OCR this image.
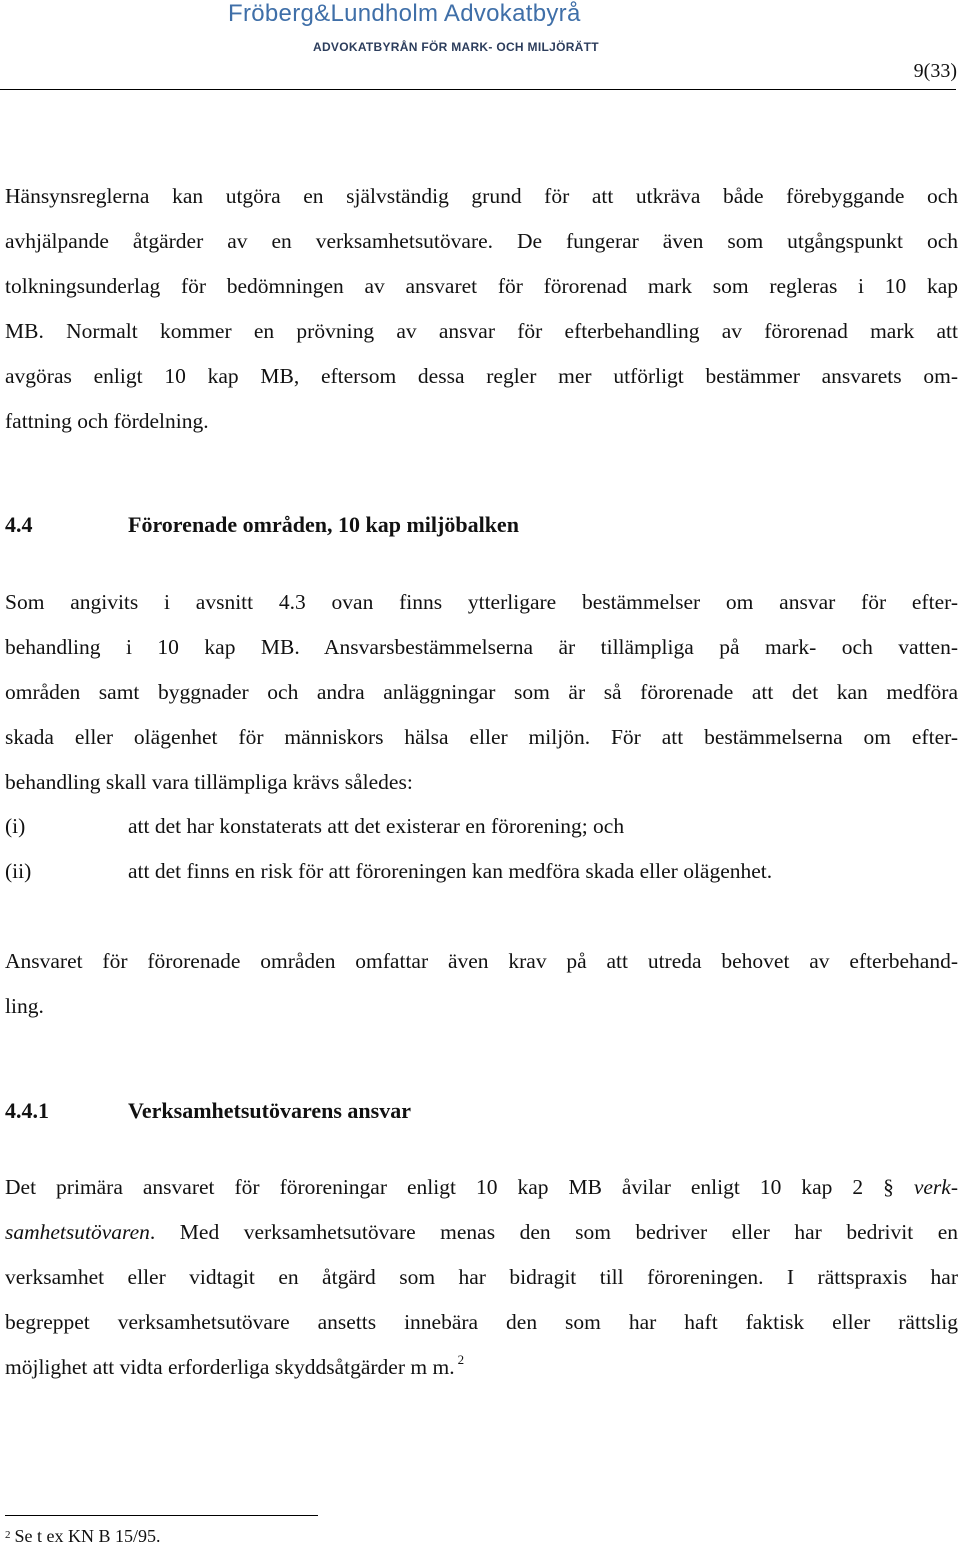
Fröberg&Lundholm Advokatbyrå
ADVOKATBYRÅN FÖR MARK- OCH MILJÖRÄTT
9(33)
Hänsynsreglerna kan utgöra en självständig grund för att utkräva både förebyggande och
avhjälpande åtgärder av en verksamhetsutövare. De fungerar även som utgångspunkt och
tolkningsunderlag för bedömningen av ansvaret för förorenad mark som regleras i 10 kap
MB. Normalt kommer en prövning av ansvar för efterbehandling av förorenad mark att
avgöras enligt 10 kap MB, eftersom dessa regler mer utförligt bestämmer ansvarets om-
fattning och fördelning.
4.4	Förorenade områden, 10 kap miljöbalken
Som angivits i avsnitt 4.3 ovan finns ytterligare bestämmelser om ansvar för efter-
behandling i 10 kap MB. Ansvarsbestämmelserna är tillämpliga på mark- och vatten-
områden samt byggnader och andra anläggningar som är så förorenade att det kan medföra
skada eller olägenhet för människors hälsa eller miljön. För att bestämmelserna om efter-
behandling skall vara tillämpliga krävs således:
(i)	att det har konstaterats att det existerar en förorening; och
(ii)	att det finns en risk för att föroreningen kan medföra skada eller olägenhet.
Ansvaret för förorenade områden omfattar även krav på att utreda behovet av efterbehand-
ling.
4.4.1	Verksamhetsutövarens ansvar
Det primära ansvaret för föroreningar enligt 10 kap MB åvilar enligt 10 kap 2 § verk-
samhetsutövaren. Med verksamhetsutövare menas den som bedriver eller har bedrivit en
verksamhet eller vidtagit en åtgärd som har bidragit till föroreningen. I rättspraxis har
begreppet verksamhetsutövare ansetts innebära den som har haft faktisk eller rättslig
möjlighet att vidta erforderliga skyddsåtgärder m m. $^2$
$^2$ Se t ex KN B 15/95.
